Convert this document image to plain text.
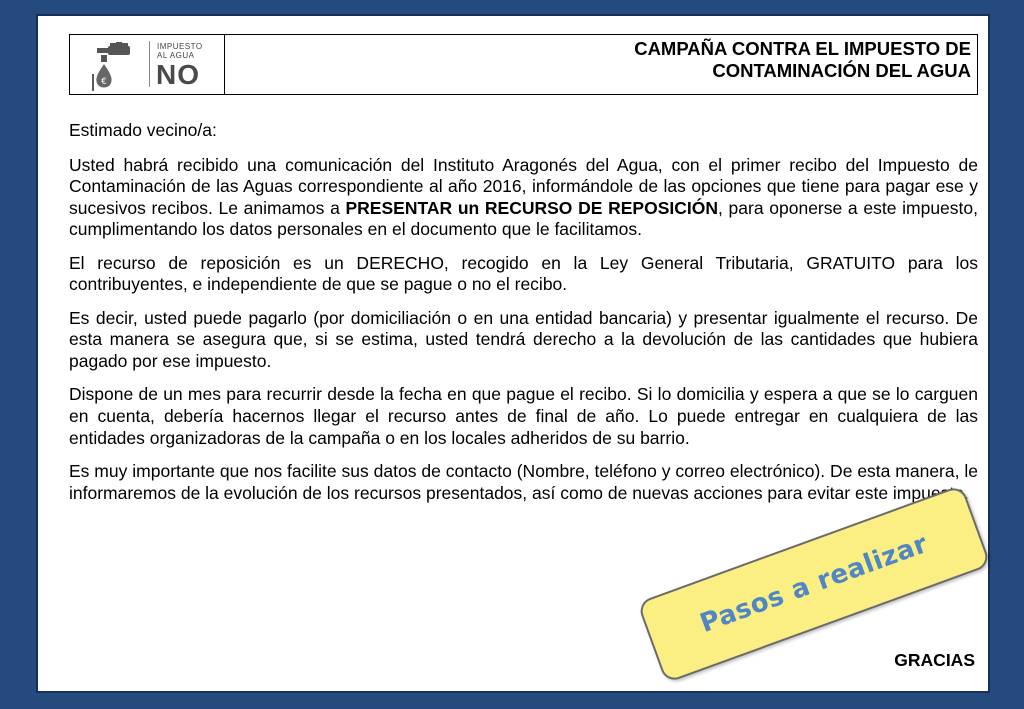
€
IMPUESTO
AL AGUA
NO
CAMPAÑA CONTRA EL IMPUESTO DE
CONTAMINACIÓN DEL AGUA

Estimado vecino/a:

Usted habrá recibido una comunicación del Instituto Aragonés del Agua, con el primer recibo del Impuesto de Contaminación de las Aguas correspondiente al año 2016, informándole de las opciones que tiene para pagar ese y sucesivos recibos. Le animamos a PRESENTAR un RECURSO DE REPOSICIÓN, para oponerse a este impuesto, cumplimentando los datos personales en el documento que le facilitamos.

El recurso de reposición es un DERECHO, recogido en la Ley General Tributaria, GRATUITO para los contribuyentes, e independiente de que se pague o no el recibo.

Es decir, usted puede pagarlo (por domiciliación o en una entidad bancaria) y presentar igualmente el recurso. De esta manera se asegura que, si se estima, usted tendrá derecho a la devolución de las cantidades que hubiera pagado por ese impuesto.

Dispone de un mes para recurrir desde la fecha en que pague el recibo. Si lo domicilia y espera a que se lo carguen en cuenta, debería hacernos llegar el recurso antes de final de año. Lo puede entregar en cualquiera de las entidades organizadoras de la campaña o en los locales adheridos de su barrio.

Es muy importante que nos facilite sus datos de contacto (Nombre, teléfono y correo electrónico). De esta manera, le informaremos de la evolución de los recursos presentados, así como de nuevas acciones para evitar este impuesto.

GRACIAS
Pasos a realizar
